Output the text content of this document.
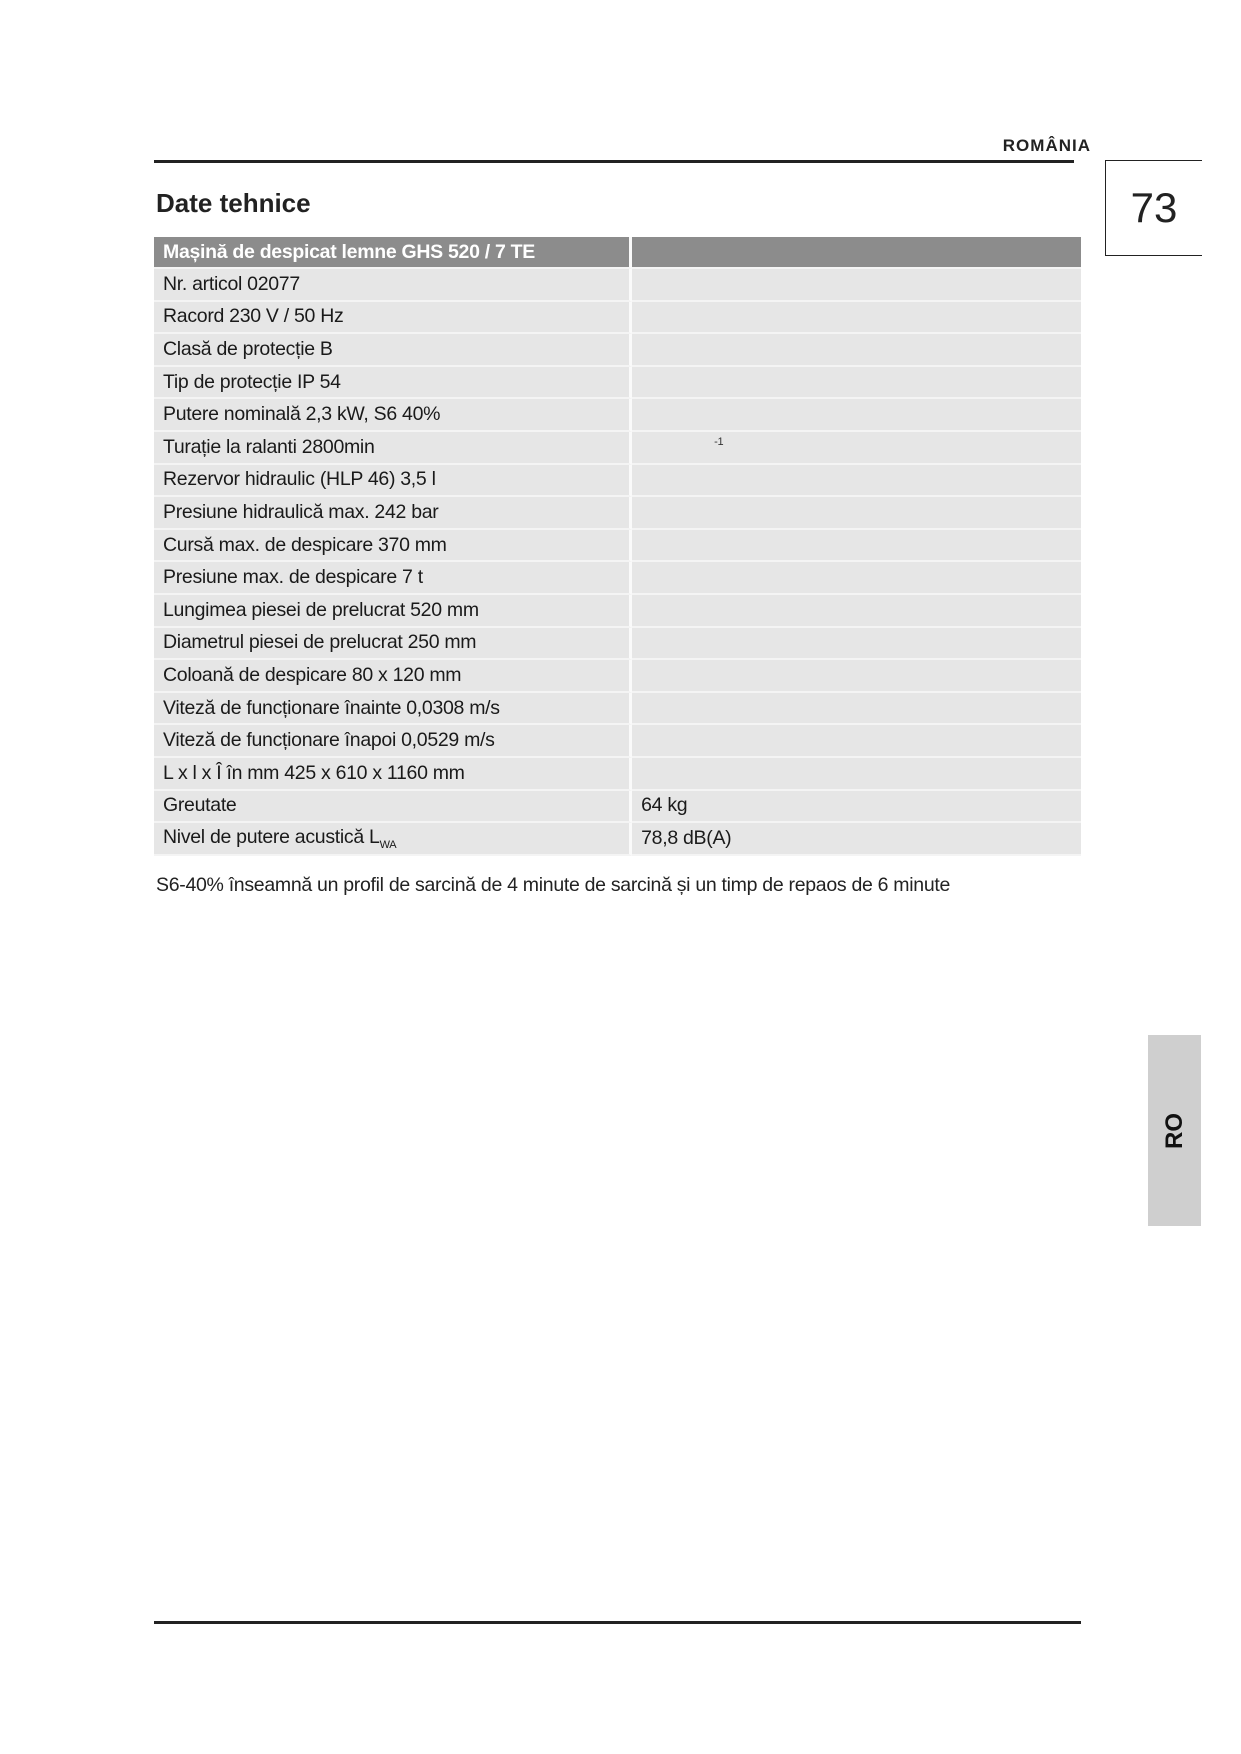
ROMÂNIA
73
Date tehnice
Mașină de despicat lemne GHS 520 / 7 TE	
Nr. articol 02077	
Racord 230 V / 50 Hz	
Clasă de protecție B	
Tip de protecție IP 54	
Putere nominală 2,3 kW, S6 40%	
Turație la ralanti 2800min	-1

Rezervor hidraulic (HLP 46) 3,5 l	
Presiune hidraulică max. 242 bar	
Cursă max. de despicare 370 mm	
Presiune max. de despicare 7 t	
Lungimea piesei de prelucrat 520 mm	
Diametrul piesei de prelucrat 250 mm	
Coloană de despicare 80 x 120 mm	
Viteză de funcționare înainte 0,0308 m/s	
Viteză de funcționare înapoi 0,0529 m/s	
L x l x Î în mm 425 x 610 x 1160 mm	
Greutate	64 kg
Nivel de putere acustică $L_{WA}$	78,8 dB(A)
S6-40% înseamnă un profil de sarcină de 4 minute de sarcină și un timp de repaos de 6 minute
RO
